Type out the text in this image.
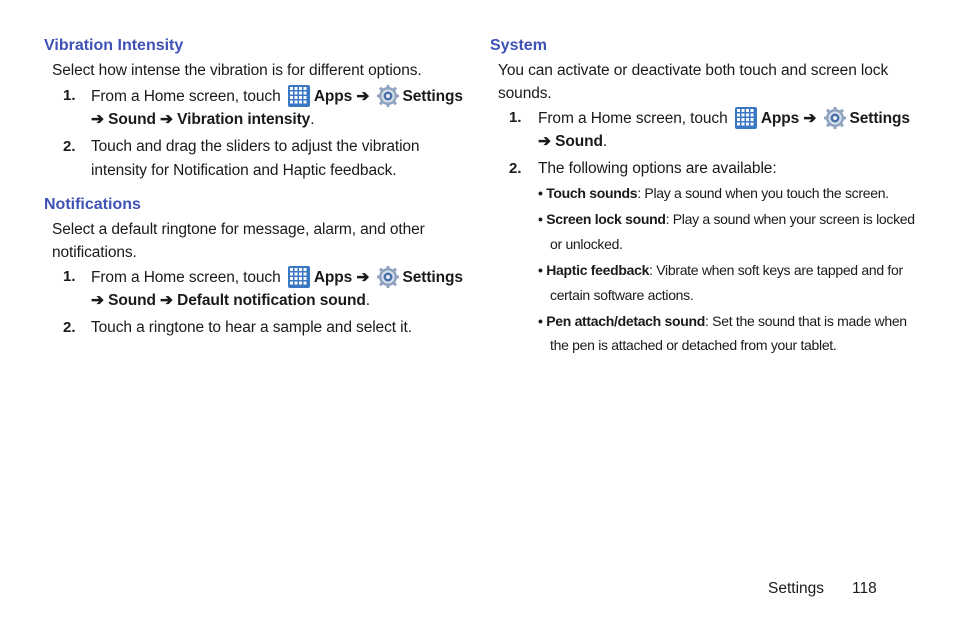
Vibration Intensity
Select how intense the vibration is for different options.
1. From a Home screen, touch Apps ➔ Settings
➔ Sound ➔ Vibration intensity.
2. Touch and drag the sliders to adjust the vibration
intensity for Notification and Haptic feedback.
Notifications
Select a default ringtone for message, alarm, and other
notifications.
1. From a Home screen, touch Apps ➔ Settings
➔ Sound ➔ Default notification sound.
2. Touch a ringtone to hear a sample and select it.
System
You can activate or deactivate both touch and screen lock
sounds.
1. From a Home screen, touch Apps ➔ Settings
➔ Sound.
2. The following options are available:
• Touch sounds: Play a sound when you touch the screen.
• Screen lock sound: Play a sound when your screen is locked
or unlocked.
• Haptic feedback: Vibrate when soft keys are tapped and for
certain software actions.
• Pen attach/detach sound: Set the sound that is made when
the pen is attached or detached from your tablet.
Settings 118
